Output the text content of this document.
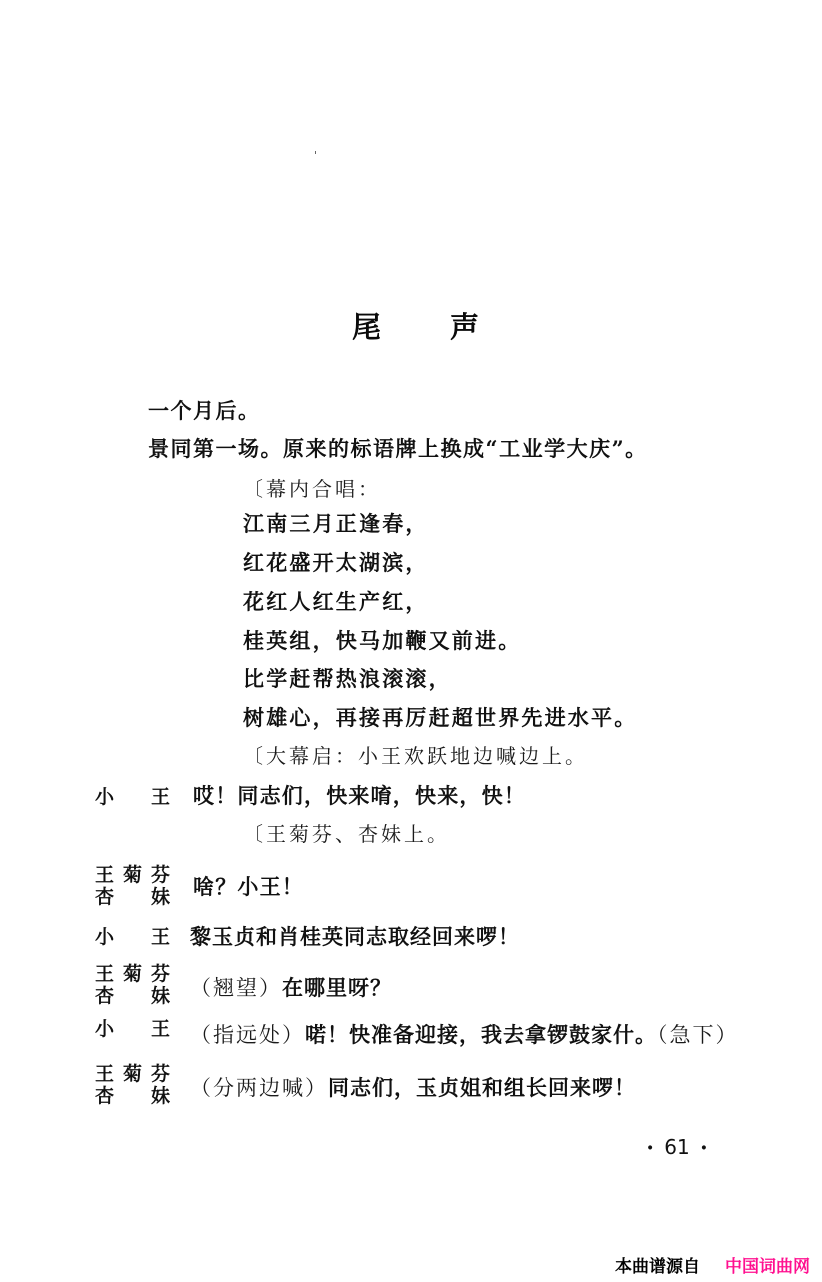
尾声
一个月后。
景同第一场。原来的标语牌上换成“工业学大庆”。
〔幕内合唱：
江南三月正逢春，
红花盛开太湖滨，
花红人红生产红，
桂英组，快马加鞭又前进。
比学赶帮热浪滚滚，
树雄心，再接再厉赶超世界先进水平。
〔大幕启：小王欢跃地边喊边上。
小王 哎！同志们，快来唷，快来，快！
〔王菊芬、杏妹上。
王菊芬
杏妹 啥？小王！
小王 黎玉贞和肖桂英同志取经回来啰！
王菊芬
杏妹 （翘望）在哪里呀？
小王 （指远处）喏！快准备迎接，我去拿锣鼓家什。（急下）
王菊芬
杏妹 （分两边喊）同志们，玉贞姐和组长回来啰！
• 61 •
本曲谱源自 中国词曲网
